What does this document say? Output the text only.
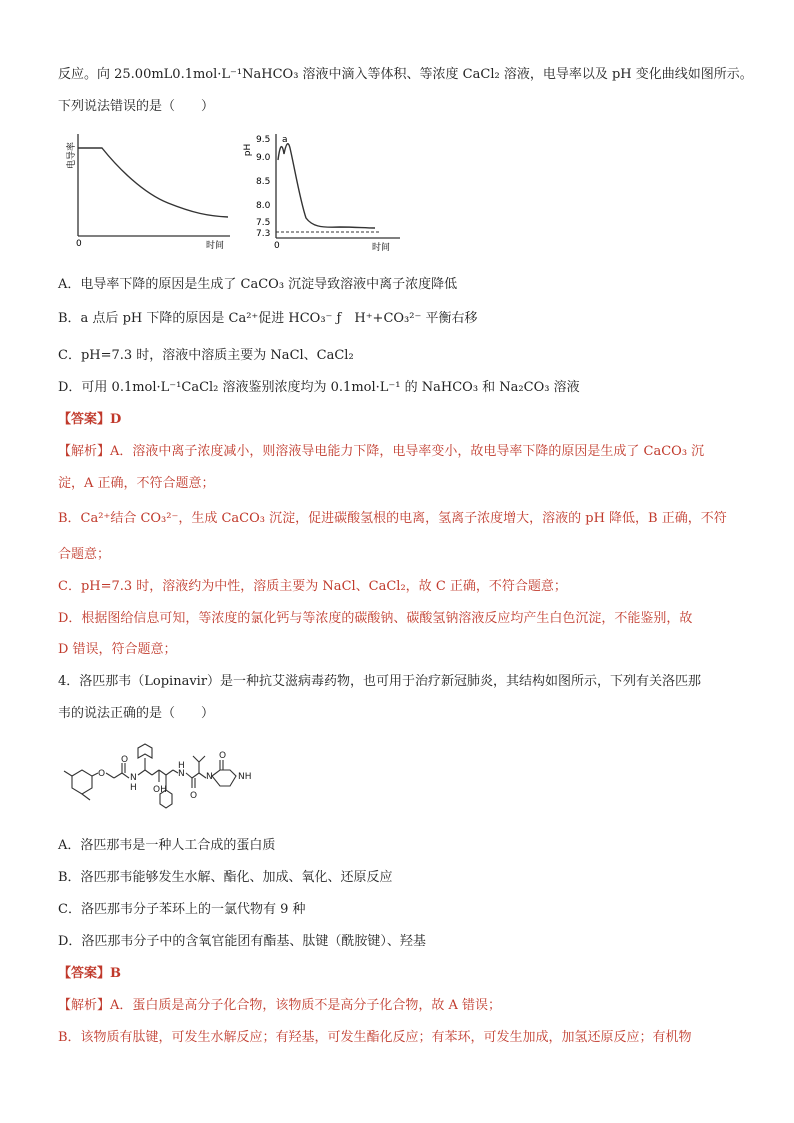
反应。向 25.00mL0.1mol·L⁻¹NaHCO₃ 溶液中滴入等体积、等浓度 CaCl₂ 溶液，电导率以及 pH 变化曲线如图所示。
下列说法错误的是（　　）
电导率
0	时间
pH
9.5
9.0
8.5
8.0
7.5
7.3
a
0	时间
A．电导率下降的原因是生成了 CaCO₃ 沉淀导致溶液中离子浓度降低
B．a 点后 pH 下降的原因是 Ca²⁺促进 HCO₃⁻ ƒ　H⁺+CO₃²⁻ 平衡右移
C．pH=7.3 时，溶液中溶质主要为 NaCl、CaCl₂
D．可用 0.1mol·L⁻¹CaCl₂ 溶液鉴别浓度均为 0.1mol·L⁻¹ 的 NaHCO₃ 和 Na₂CO₃ 溶液
【答案】D
【解析】A．溶液中离子浓度减小，则溶液导电能力下降，电导率变小，故电导率下降的原因是生成了 CaCO₃ 沉
淀，A 正确，不符合题意；
B．Ca²⁺结合 CO₃²⁻，生成 CaCO₃ 沉淀，促进碳酸氢根的电离，氢离子浓度增大，溶液的 pH 降低，B 正确，不符
合题意；
C．pH=7.3 时，溶液约为中性，溶质主要为 NaCl、CaCl₂，故 C 正确，不符合题意；
D．根据图给信息可知，等浓度的氯化钙与等浓度的碳酸钠、碳酸氢钠溶液反应均产生白色沉淀，不能鉴别，故
D 错误，符合题意；
4．洛匹那韦（Lopinavir）是一种抗艾滋病毒药物，也可用于治疗新冠肺炎，其结构如图所示，下列有关洛匹那
韦的说法正确的是（　　）
O
O
N
H OH
N
H
O
N
O
NH
A．洛匹那韦是一种人工合成的蛋白质
B．洛匹那韦能够发生水解、酯化、加成、氧化、还原反应
C．洛匹那韦分子苯环上的一氯代物有 9 种
D．洛匹那韦分子中的含氧官能团有酯基、肽键（酰胺键）、羟基
【答案】B
【解析】A．蛋白质是高分子化合物，该物质不是高分子化合物，故 A 错误；
B．该物质有肽键，可发生水解反应；有羟基，可发生酯化反应；有苯环，可发生加成，加氢还原反应；有机物
